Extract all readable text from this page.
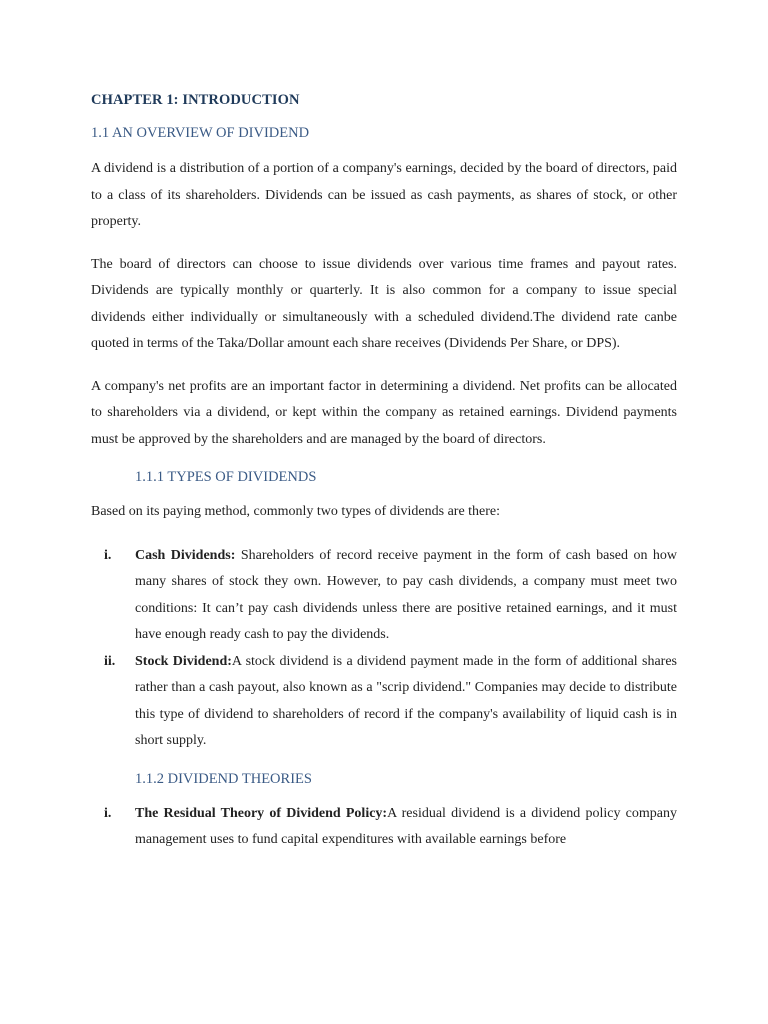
CHAPTER 1: INTRODUCTION
1.1 AN OVERVIEW OF DIVIDEND

A dividend is a distribution of a portion of a company's earnings, decided by the board of directors, paid to a class of its shareholders. Dividends can be issued as cash payments, as shares of stock, or other property.

The board of directors can choose to issue dividends over various time frames and payout rates. Dividends are typically monthly or quarterly. It is also common for a company to issue special dividends either individually or simultaneously with a scheduled dividend.The dividend rate canbe quoted in terms of the Taka/Dollar amount each share receives (Dividends Per Share, or DPS).

A company's net profits are an important factor in determining a dividend. Net profits can be allocated to shareholders via a dividend, or kept within the company as retained earnings. Dividend payments must be approved by the shareholders and are managed by the board of directors.

1.1.1 TYPES OF DIVIDENDS

Based on its paying method, commonly two types of dividends are there:

i. Cash Dividends: Shareholders of record receive payment in the form of cash based on how many shares of stock they own. However, to pay cash dividends, a company must meet two conditions: It can’t pay cash dividends unless there are positive retained earnings, and it must have enough ready cash to pay the dividends.
ii. Stock Dividend:A stock dividend is a dividend payment made in the form of additional shares rather than a cash payout, also known as a "scrip dividend." Companies may decide to distribute this type of dividend to shareholders of record if the company's availability of liquid cash is in short supply.
1.1.2 DIVIDEND THEORIES
i. The Residual Theory of Dividend Policy:A residual dividend is a dividend policy company management uses to fund capital expenditures with available earnings before
